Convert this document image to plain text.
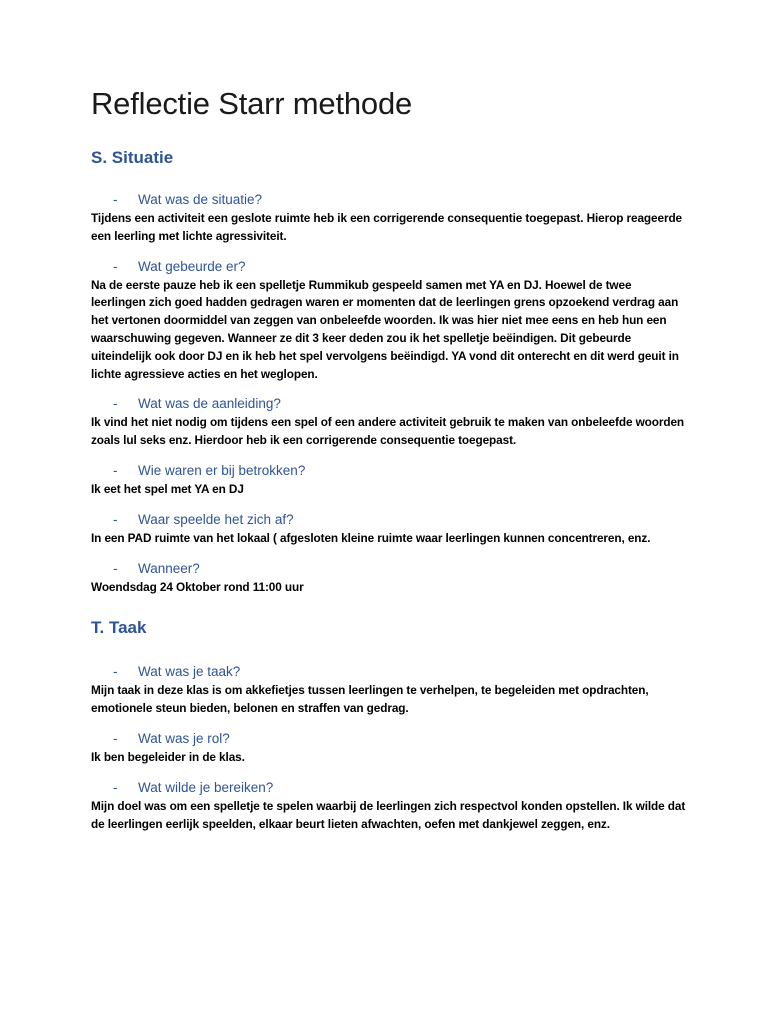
Reflectie Starr methode
S. Situatie
-	Wat was de situatie?

Tijdens een activiteit een geslote ruimte heb ik een corrigerende consequentie toegepast. Hierop reageerde een leerling met lichte agressiviteit.

-	Wat gebeurde er?

Na de eerste pauze heb ik een spelletje Rummikub gespeeld samen met YA en DJ. Hoewel de twee leerlingen zich goed hadden gedragen waren er momenten dat de leerlingen grens opzoekend verdrag aan het vertonen doormiddel van zeggen van onbeleefde woorden. Ik was hier niet mee eens en heb hun een waarschuwing gegeven. Wanneer ze dit 3 keer deden zou ik het spelletje beëindigen. Dit gebeurde uiteindelijk ook door DJ en ik heb het spel vervolgens beëindigd. YA vond dit onterecht en dit werd geuit in lichte agressieve acties en het weglopen.

-	Wat was de aanleiding?

Ik vind het niet nodig om tijdens een spel of een andere activiteit gebruik te maken van onbeleefde woorden zoals lul seks enz. Hierdoor heb ik een corrigerende consequentie toegepast.

-	Wie waren er bij betrokken?

Ik eet het spel met YA en DJ

-	Waar speelde het zich af?

In een PAD ruimte van het lokaal ( afgesloten kleine ruimte waar leerlingen kunnen concentreren, enz.

-	Wanneer?

Woendsdag 24 Oktober rond 11:00 uur

T. Taak
-	Wat was je taak?

Mijn taak in deze klas is om akkefietjes tussen leerlingen te verhelpen, te begeleiden met opdrachten, emotionele steun bieden, belonen en straffen van gedrag.

-	Wat was je rol?

Ik ben begeleider in de klas.

-	Wat wilde je bereiken?

Mijn doel was om een spelletje te spelen waarbij de leerlingen zich respectvol konden opstellen. Ik wilde dat de leerlingen eerlijk speelden, elkaar beurt lieten afwachten, oefen met dankjewel zeggen, enz.
